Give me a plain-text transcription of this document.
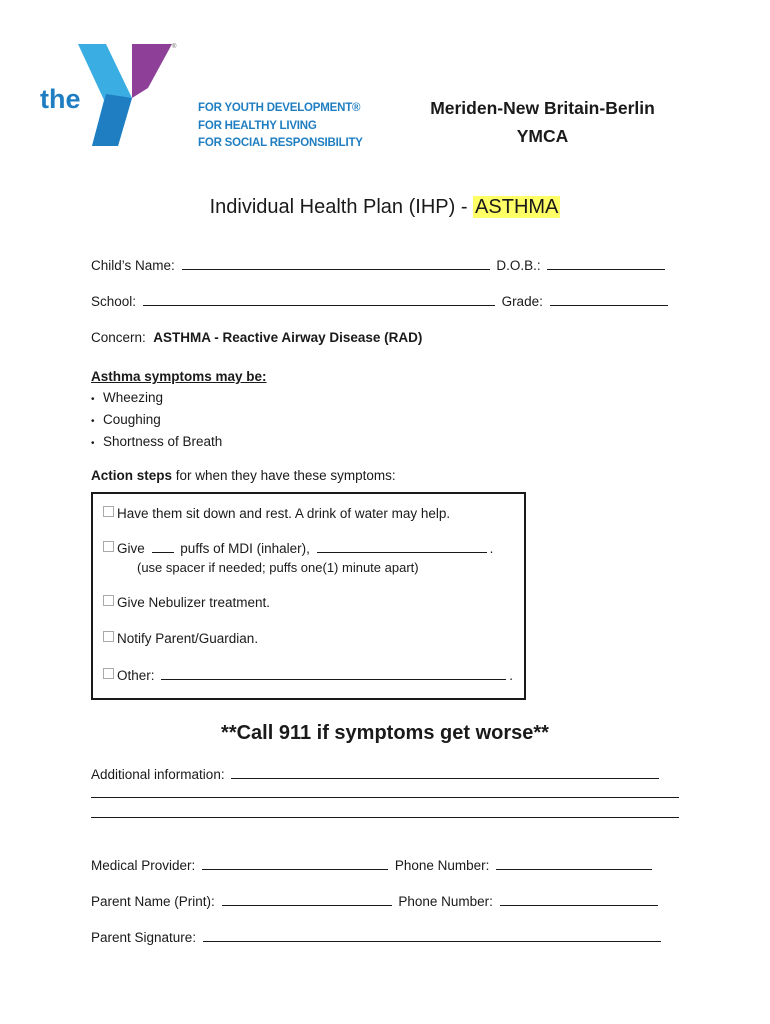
®
the
YMCA
FOR YOUTH DEVELOPMENT®
FOR HEALTHY LIVING
FOR SOCIAL RESPONSIBILITY
Meriden-New Britain-Berlin
YMCA
Individual Health Plan (IHP) - ASTHMA
Child’s Name:	D.O.B.:
School:	Grade:
Concern: ASTHMA - Reactive Airway Disease (RAD)
Asthma symptoms may be:
• Wheezing
• Coughing
• Shortness of Breath
Action steps for when they have these symptoms:
Have them sit down and rest. A drink of water may help.
Give	puffs of MDI (inhaler),	.
(use spacer if needed; puffs one(1) minute apart)
Give Nebulizer treatment.
Notify Parent/Guardian.
Other:	.
**Call 911 if symptoms get worse**
Additional information:
Medical Provider:	Phone Number:
Parent Name (Print):	Phone Number:
Parent Signature:
